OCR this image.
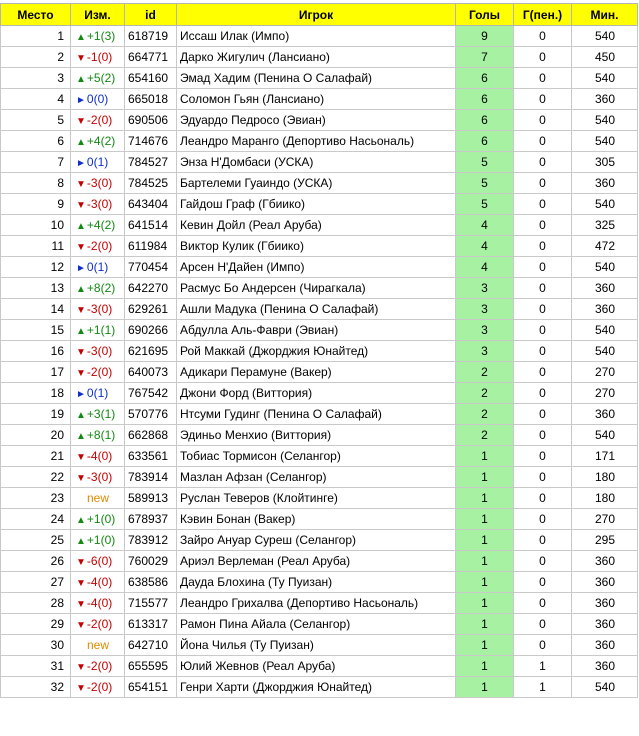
Место	Изм.	id	Игрок	Голы	Г(пен.)	Мин.
1	▲+1(3)	618719	Иссаш Илак (Импо)	9	0	540
2	▼-1(0)	664771	Дарко Жигулич (Лансиано)	7	0	450
3	▲+5(2)	654160	Эмад Хадим (Пенина О Салафай)	6	0	540
4	►0(0)	665018	Соломон Гьян (Лансиано)	6	0	360
5	▼-2(0)	690506	Эдуардо Педросо (Эвиан)	6	0	540
6	▲+4(2)	714676	Леандро Маранго (Депортиво Насьональ)	6	0	540
7	►0(1)	784527	Энза Н'Домбаси (УСКА)	5	0	305
8	▼-3(0)	784525	Бартелеми Гуаиндо (УСКА)	5	0	360
9	▼-3(0)	643404	Гайдош Граф (Гбиико)	5	0	540
10	▲+4(2)	641514	Кевин Дойл (Реал Аруба)	4	0	325
11	▼-2(0)	611984	Виктор Кулик (Гбиико)	4	0	472
12	►0(1)	770454	Арсен Н'Дайен (Импо)	4	0	540
13	▲+8(2)	642270	Расмус Бо Андерсен (Чирагкала)	3	0	360
14	▼-3(0)	629261	Ашли Мадука (Пенина О Салафай)	3	0	360
15	▲+1(1)	690266	Абдулла Аль-Фаври (Эвиан)	3	0	540
16	▼-3(0)	621695	Рой Маккай (Джорджия Юнайтед)	3	0	540
17	▼-2(0)	640073	Адикари Перамуне (Вакер)	2	0	270
18	►0(1)	767542	Джони Форд (Виттория)	2	0	270
19	▲+3(1)	570776	Нтсуми Гудинг (Пенина О Салафай)	2	0	360
20	▲+8(1)	662868	Эдиньо Менхио (Виттория)	2	0	540
21	▼-4(0)	633561	Тобиас Тормисон (Селангор)	1	0	171
22	▼-3(0)	783914	Мазлан Афзан (Селангор)	1	0	180
23	new	589913	Руслан Теверов (Клойтинге)	1	0	180
24	▲+1(0)	678937	Кэвин Бонан (Вакер)	1	0	270
25	▲+1(0)	783912	Зайро Ануар Суреш (Селангор)	1	0	295
26	▼-6(0)	760029	Ариэл Верлеман (Реал Аруба)	1	0	360
27	▼-4(0)	638586	Дауда Блохина (Ту Пуизан)	1	0	360
28	▼-4(0)	715577	Леандро Грихалва (Депортиво Насьональ)	1	0	360
29	▼-2(0)	613317	Рамон Пина Айала (Селангор)	1	0	360
30	new	642710	Йона Чилья (Ту Пуизан)	1	0	360
31	▼-2(0)	655595	Юлий Жевнов (Реал Аруба)	1	1	360
32	▼-2(0)	654151	Генри Харти (Джорджия Юнайтед)	1	1	540
